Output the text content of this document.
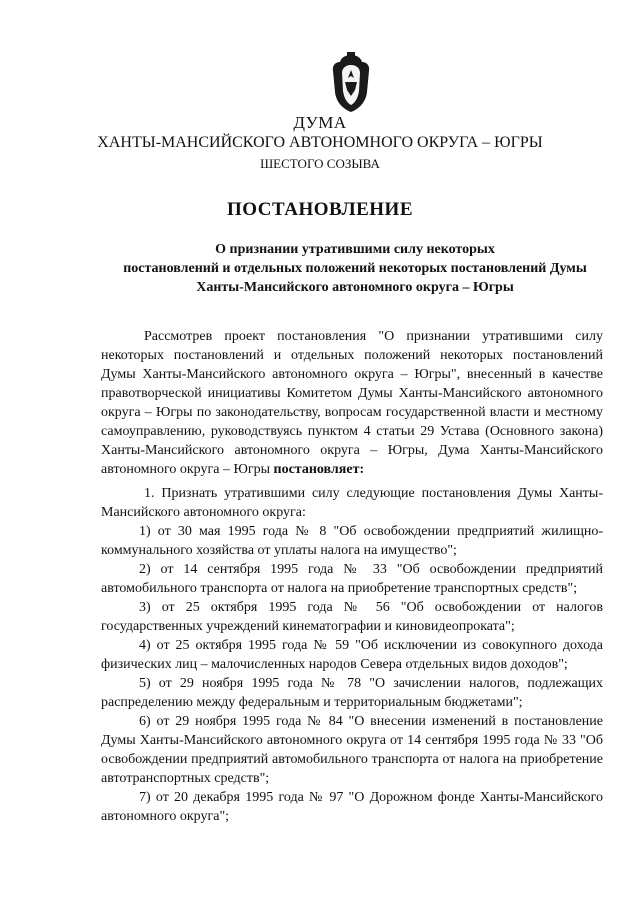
ДУМА
ХАНТЫ-МАНСИЙСКОГО АВТОНОМНОГО ОКРУГА – ЮГРЫ
ШЕСТОГО СОЗЫВА
ПОСТАНОВЛЕНИЕ
О признании утратившими силу некоторых
постановлений и отдельных положений некоторых постановлений Думы
Ханты-Мансийского автономного округа – Югры

Рассмотрев проект постановления "О признании утратившими силу некоторых постановлений и отдельных положений некоторых постановлений Думы Ханты-Мансийского автономного округа – Югры", внесенный в качестве правотворческой инициативы Комитетом Думы Ханты-Мансийского автономного округа – Югры по законодательству, вопросам государственной власти и местному самоуправлению, руководствуясь пунктом 4 статьи 29 Устава (Основного закона) Ханты-Мансийского автономного округа – Югры, Дума Ханты-Мансийского автономного округа – Югры постановляет:

1. Признать утратившими силу следующие постановления Думы Ханты-Мансийского автономного округа:

1) от 30 мая 1995 года № 8 "Об освобождении предприятий жилищно-коммунального хозяйства от уплаты налога на имущество";

2) от 14 сентября 1995 года № 33 "Об освобождении предприятий автомобильного транспорта от налога на приобретение транспортных средств";

3) от 25 октября 1995 года № 56 "Об освобождении от налогов государственных учреждений кинематографии и киновидеопроката";

4) от 25 октября 1995 года № 59 "Об исключении из совокупного дохода физических лиц – малочисленных народов Севера отдельных видов доходов";

5) от 29 ноября 1995 года № 78 "О зачислении налогов, подлежащих распределению между федеральным и территориальным бюджетами";

6) от 29 ноября 1995 года № 84 "О внесении изменений в постановление Думы Ханты-Мансийского автономного округа от 14 сентября 1995 года № 33 "Об освобождении предприятий автомобильного транспорта от налога на приобретение автотранспортных средств";

7) от 20 декабря 1995 года № 97 "О Дорожном фонде Ханты-Мансийского автономного округа";
